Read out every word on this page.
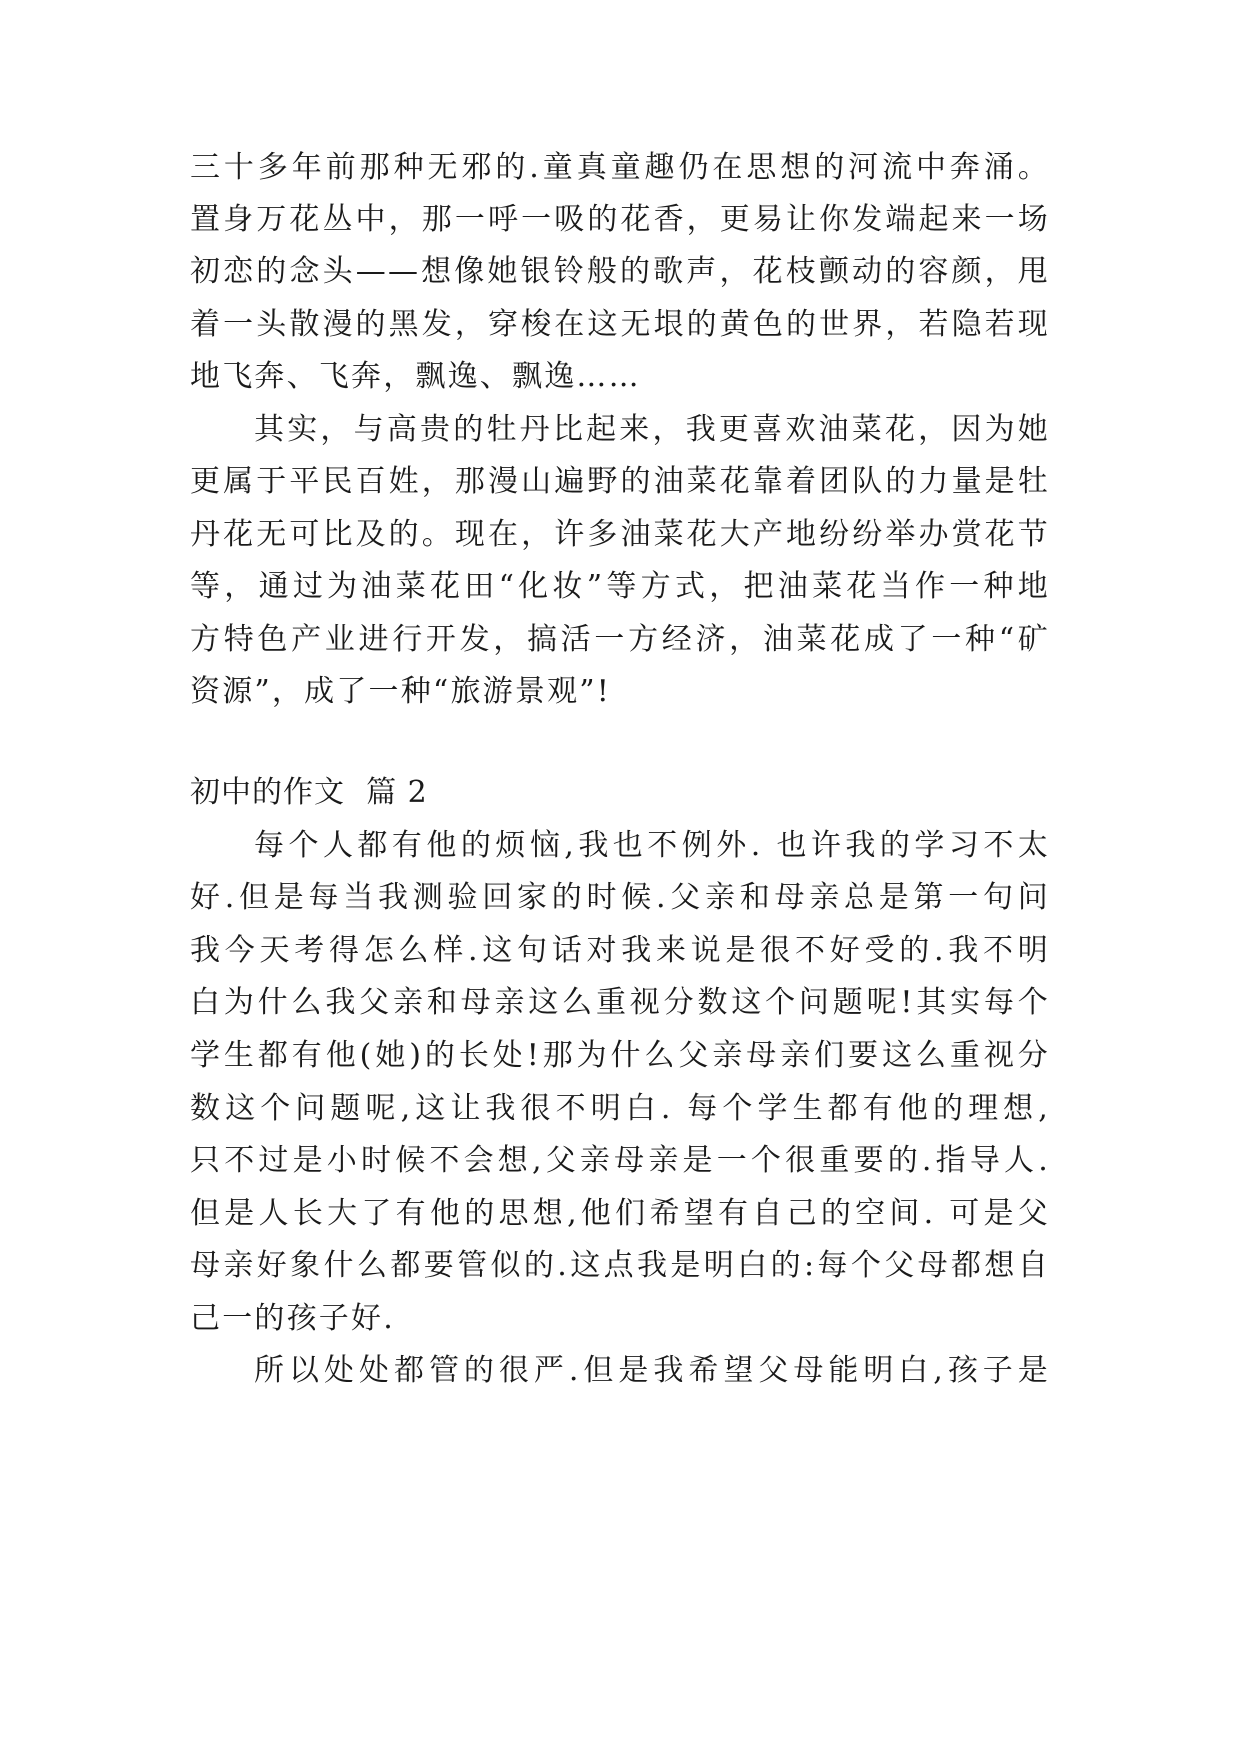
三十多年前那种无邪的.童真童趣仍在思想的河流中奔涌。
置身万花丛中，那一呼一吸的花香，更易让你发端起来一场
初恋的念头——想像她银铃般的歌声，花枝颤动的容颜，甩
着一头散漫的黑发，穿梭在这无垠的黄色的世界，若隐若现
地飞奔、飞奔，飘逸、飘逸……
其实，与高贵的牡丹比起来，我更喜欢油菜花，因为她
更属于平民百姓，那漫山遍野的油菜花靠着团队的力量是牡
丹花无可比及的。现在，许多油菜花大产地纷纷举办赏花节
等，通过为油菜花田“化妆”等方式，把油菜花当作一种地
方特色产业进行开发，搞活一方经济，油菜花成了一种“矿
资源”，成了一种“旅游景观”!
初中的作文  篇 2
每个人都有他的烦恼,我也不例外. 也许我的学习不太
好.但是每当我测验回家的时候.父亲和母亲总是第一句问
我今天考得怎么样.这句话对我来说是很不好受的.我不明
白为什么我父亲和母亲这么重视分数这个问题呢!其实每个
学生都有他(她)的长处!那为什么父亲母亲们要这么重视分
数这个问题呢,这让我很不明白. 每个学生都有他的理想,
只不过是小时候不会想,父亲母亲是一个很重要的.指导人.
但是人长大了有他的思想,他们希望有自己的空间. 可是父
母亲好象什么都要管似的.这点我是明白的:每个父母都想自
己一的孩子好.
所以处处都管的很严.但是我希望父母能明白,孩子是
